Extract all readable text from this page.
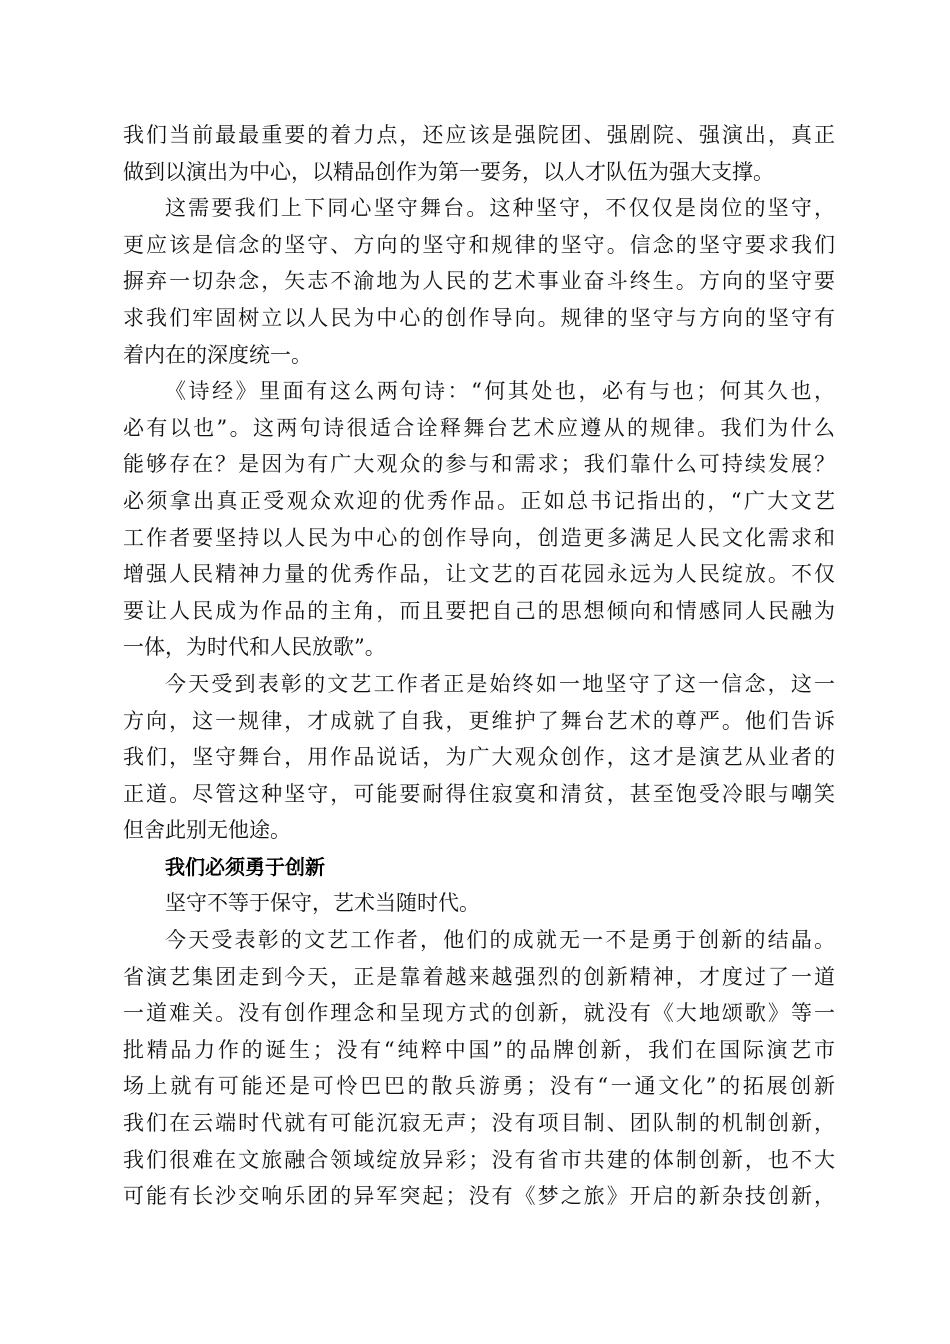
我们当前最最重要的着力点，还应该是强院团、强剧院、强演出，真正
做到以演出为中心，以精品创作为第一要务，以人才队伍为强大支撑。
这需要我们上下同心坚守舞台。这种坚守，不仅仅是岗位的坚守，
更应该是信念的坚守、方向的坚守和规律的坚守。信念的坚守要求我们
摒弃一切杂念，矢志不渝地为人民的艺术事业奋斗终生。方向的坚守要
求我们牢固树立以人民为中心的创作导向。规律的坚守与方向的坚守有
着内在的深度统一。
《诗经》里面有这么两句诗：“何其处也，必有与也；何其久也，
必有以也”。这两句诗很适合诠释舞台艺术应遵从的规律。我们为什么
能够存在？是因为有广大观众的参与和需求；我们靠什么可持续发展？
必须拿出真正受观众欢迎的优秀作品。正如总书记指出的，“广大文艺
工作者要坚持以人民为中心的创作导向，创造更多满足人民文化需求和
增强人民精神力量的优秀作品，让文艺的百花园永远为人民绽放。不仅
要让人民成为作品的主角，而且要把自己的思想倾向和情感同人民融为
一体，为时代和人民放歌”。
今天受到表彰的文艺工作者正是始终如一地坚守了这一信念，这一
方向，这一规律，才成就了自我，更维护了舞台艺术的尊严。他们告诉
我们，坚守舞台，用作品说话，为广大观众创作，这才是演艺从业者的
正道。尽管这种坚守，可能要耐得住寂寞和清贫，甚至饱受冷眼与嘲笑
但舍此别无他途。
我们必须勇于创新
坚守不等于保守，艺术当随时代。
今天受表彰的文艺工作者，他们的成就无一不是勇于创新的结晶。
省演艺集团走到今天，正是靠着越来越强烈的创新精神，才度过了一道
一道难关。没有创作理念和呈现方式的创新，就没有《大地颂歌》等一
批精品力作的诞生；没有“纯粹中国”的品牌创新，我们在国际演艺市
场上就有可能还是可怜巴巴的散兵游勇；没有“一通文化”的拓展创新
我们在云端时代就有可能沉寂无声；没有项目制、团队制的机制创新，
我们很难在文旅融合领域绽放异彩；没有省市共建的体制创新，也不大
可能有长沙交响乐团的异军突起；没有《梦之旅》开启的新杂技创新，
